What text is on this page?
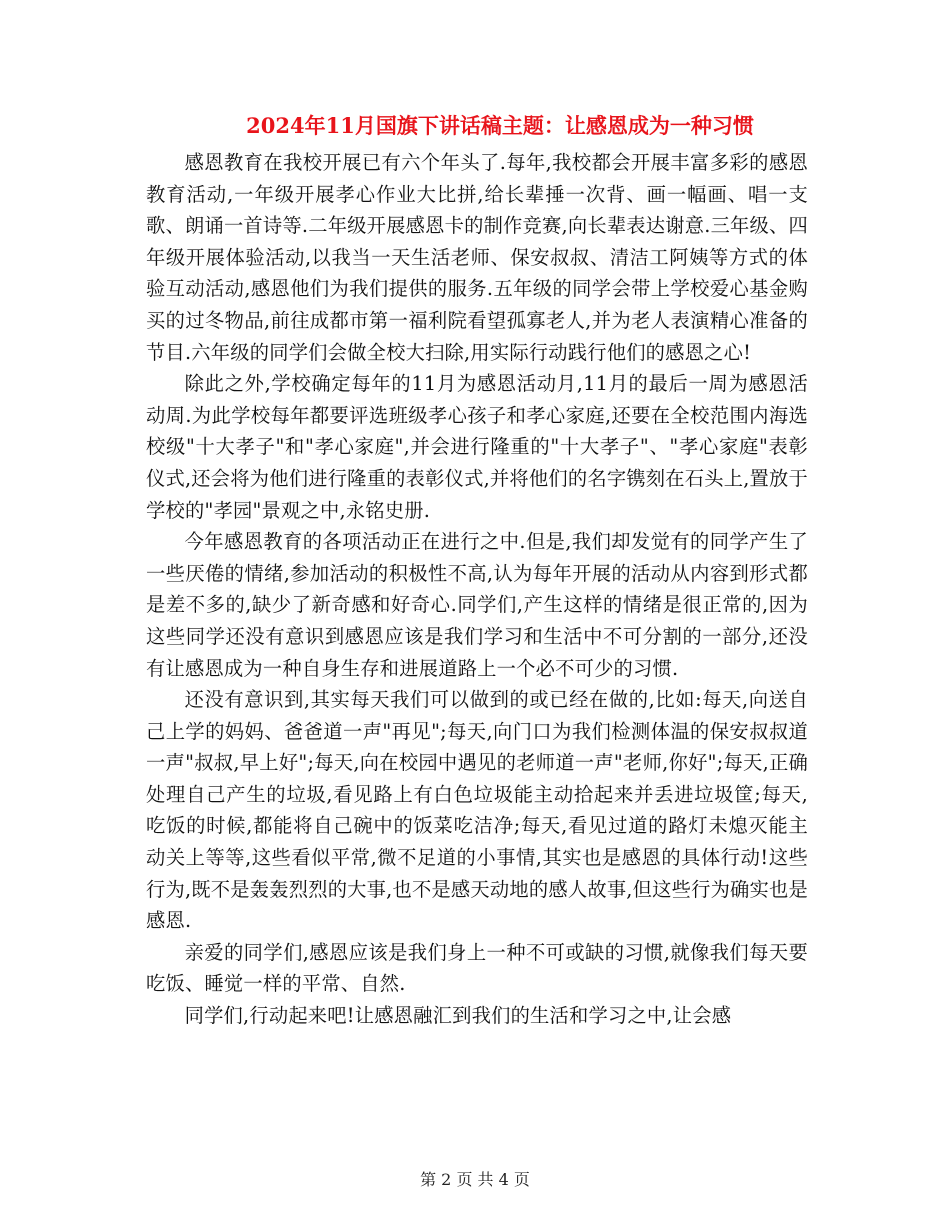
2024年11月国旗下讲话稿主题：让感恩成为一种习惯

感恩教育在我校开展已有六个年头了.每年,我校都会开展丰富多彩的感恩教育活动,一年级开展孝心作业大比拼,给长辈捶一次背、画一幅画、唱一支歌、朗诵一首诗等.二年级开展感恩卡的制作竞赛,向长辈表达谢意.三年级、四年级开展体验活动,以我当一天生活老师、保安叔叔、清洁工阿姨等方式的体验互动活动,感恩他们为我们提供的服务.五年级的同学会带上学校爱心基金购买的过冬物品,前往成都市第一福利院看望孤寡老人,并为老人表演精心准备的节目.六年级的同学们会做全校大扫除,用实际行动践行他们的感恩之心!

除此之外,学校确定每年的11月为感恩活动月,11月的最后一周为感恩活动周.为此学校每年都要评选班级孝心孩子和孝心家庭,还要在全校范围内海选校级"十大孝子"和"孝心家庭",并会进行隆重的"十大孝子"、"孝心家庭"表彰仪式,还会将为他们进行隆重的表彰仪式,并将他们的名字镌刻在石头上,置放于学校的"孝园"景观之中,永铭史册.

今年感恩教育的各项活动正在进行之中.但是,我们却发觉有的同学产生了一些厌倦的情绪,参加活动的积极性不高,认为每年开展的活动从内容到形式都是差不多的,缺少了新奇感和好奇心.同学们,产生这样的情绪是很正常的,因为这些同学还没有意识到感恩应该是我们学习和生活中不可分割的一部分,还没有让感恩成为一种自身生存和进展道路上一个必不可少的习惯.

还没有意识到,其实每天我们可以做到的或已经在做的,比如:每天,向送自己上学的妈妈、爸爸道一声"再见";每天,向门口为我们检测体温的保安叔叔道一声"叔叔,早上好";每天,向在校园中遇见的老师道一声"老师,你好";每天,正确处理自己产生的垃圾,看见路上有白色垃圾能主动拾起来并丢进垃圾筐;每天,吃饭的时候,都能将自己碗中的饭菜吃洁净;每天,看见过道的路灯未熄灭能主动关上等等,这些看似平常,微不足道的小事情,其实也是感恩的具体行动!这些行为,既不是轰轰烈烈的大事,也不是感天动地的感人故事,但这些行为确实也是感恩.

亲爱的同学们,感恩应该是我们身上一种不可或缺的习惯,就像我们每天要吃饭、睡觉一样的平常、自然.

同学们,行动起来吧!让感恩融汇到我们的生活和学习之中,让会感

第 2 页 共 4 页
